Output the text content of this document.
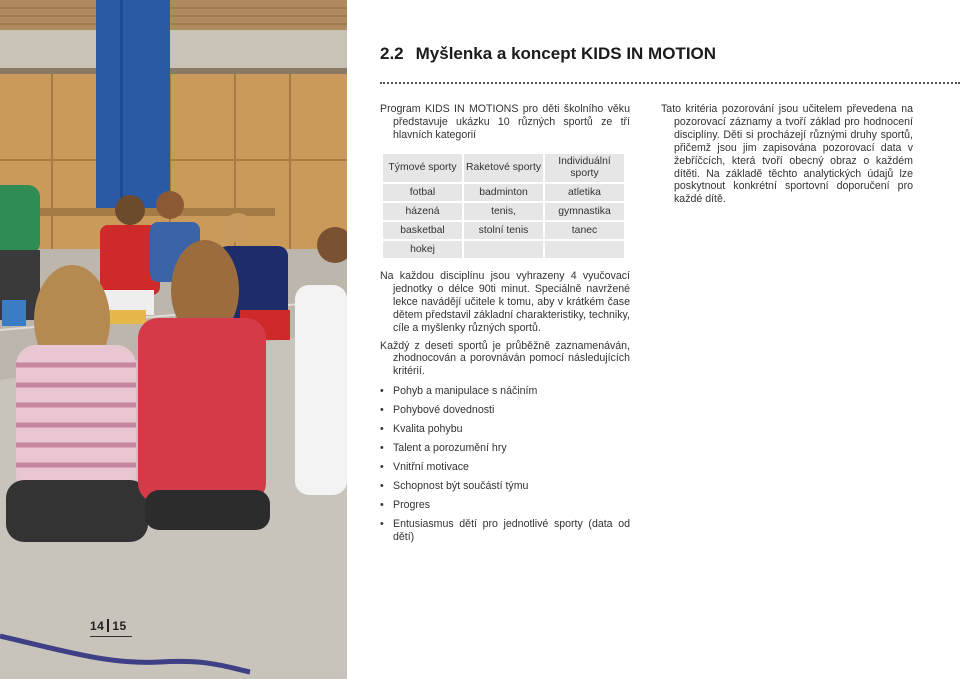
14 15
2.2 Myšlenka a koncept KIDS IN MOTION

Program KIDS IN MOTIONS pro děti školního věku představuje ukázku 10 různých sportů ze tří hlavních kategorií

Týmové sporty	Raketové sporty	Individuální sporty
fotbal	badminton	atletika
házená	tenis,	gymnastika
basketbal	stolní tenis	tanec
hokej		

Na každou disciplínu jsou vyhrazeny 4 vyučovací jednotky o délce 90ti minut. Speciálně navržené lekce navádějí učitele k tomu, aby v krátkém čase dětem představil základní charakteristiky, techniky, cíle a myšlenky různých sportů.

Každý z deseti sportů je průběžně zaznamenáván, zhodnocován a porovnáván pomocí následujících kritérií.

• Pohyb a manipulace s náčiním
• Pohybové dovednosti
• Kvalita pohybu
• Talent a porozumění hry
• Vnitřní motivace
• Schopnost být součástí týmu
• Progres
• Entusiasmus dětí pro jednotlivé sporty (data od dětí)

Tato kritéria pozorování jsou učitelem převedena na pozorovací záznamy a tvoří základ pro hodnocení disciplíny. Děti si procházejí různými druhy sportů, přičemž jsou jim zapisována pozorovací data v žebříčcích, která tvoří obecný obraz o každém dítěti. Na základě těchto analytických údajů lze poskytnout konkrétní sportovní doporučení pro každé dítě.
